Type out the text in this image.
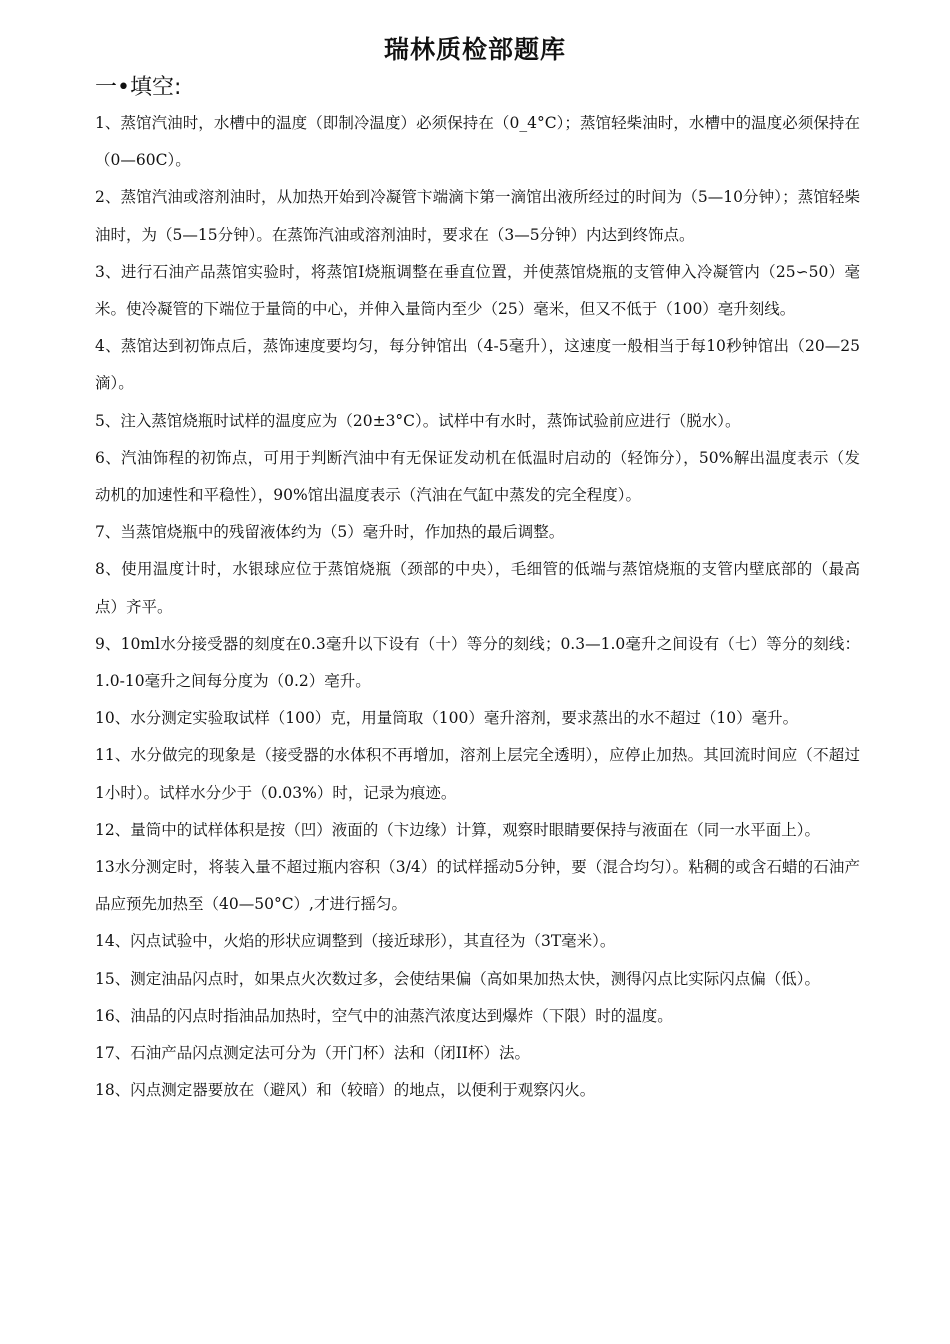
瑞林质检部题库
一•填空:

1、蒸馆汽油时，水槽中的温度（即制冷温度）必须保持在（0_4°C）；蒸馆轻柴油时，水槽中的温度必须保持在（0—60C）。

2、蒸馆汽油或溶剂油时，从加热开始到冷凝管卞端滴卞第一滴馆出液所经过的时间为（5—10分钟）；蒸馆轻柴油时，为（5—15分钟）。在蒸饰汽油或溶剂油时，要求在（3—5分钟）内达到终饰点。

3、进行石油产品蒸馆实验时，将蒸馆I烧瓶调整在垂直位置，并使蒸馆烧瓶的支管伸入冷凝管内（25∽50）毫米。使冷凝管的下端位于量筒的中心，并伸入量筒内至少（25）毫米，但又不低于（100）亳升刻线。

4、蒸馆达到初饰点后，蒸饰速度要均匀，每分钟馆出（4-5毫升），这速度一般相当于每10秒钟馆出（20—25滴）。

5、注入蒸馆烧瓶时试样的温度应为（20±3°C）。试样中有水时，蒸饰试验前应进行（脱水）。

6、汽油饰程的初饰点，可用于判断汽油中有无保证发动机在低温时启动的（轻饰分），50%解出温度表示（发动机的加速性和平稳性），90%馆出温度表示（汽油在气缸中蒸发的完全程度）。

7、当蒸馆烧瓶中的残留液体约为（5）毫升时，作加热的最后调整。

8、使用温度计时，水银球应位于蒸馆烧瓶（颈部的中央），毛细管的低端与蒸馆烧瓶的支管内壁底部的（最高点）齐平。

9、10ml水分接受器的刻度在0.3毫升以下设有（十）等分的刻线；0.3—1.0毫升之间设有（七）等分的刻线：1.0-10毫升之间每分度为（0.2）亳升。

10、水分测定实验取试样（100）克，用量筒取（100）毫升溶剂，要求蒸出的水不超过（10）毫升。

11、水分做完的现象是（接受器的水体积不再增加，溶剂上层完全透明），应停止加热。其回流时间应（不超过1小时）。试样水分少于（0.03%）时，记录为痕迹。

12、量筒中的试样体积是按（凹）液面的（卞边缘）计算，观察时眼睛要保持与液面在（同一水平面上）。

13水分测定时，将装入量不超过瓶内容积（3/4）的试样摇动5分钟，要（混合均匀）。粘稠的或含石蜡的石油产品应预先加热至（40—50°C）,才进行摇匀。

14、闪点试验中，火焰的形状应调整到（接近球形），其直径为（3T毫米）。

15、测定油品闪点时，如果点火次数过多，会使结果偏（高如果加热太快，测得闪点比实际闪点偏（低）。

16、油品的闪点时指油品加热时，空气中的油蒸汽浓度达到爆炸（下限）时的温度。

17、石油产品闪点测定法可分为（开门杯）法和（闭II杯）法。

18、闪点测定器要放在（避风）和（较暗）的地点，以便利于观察闪火。
